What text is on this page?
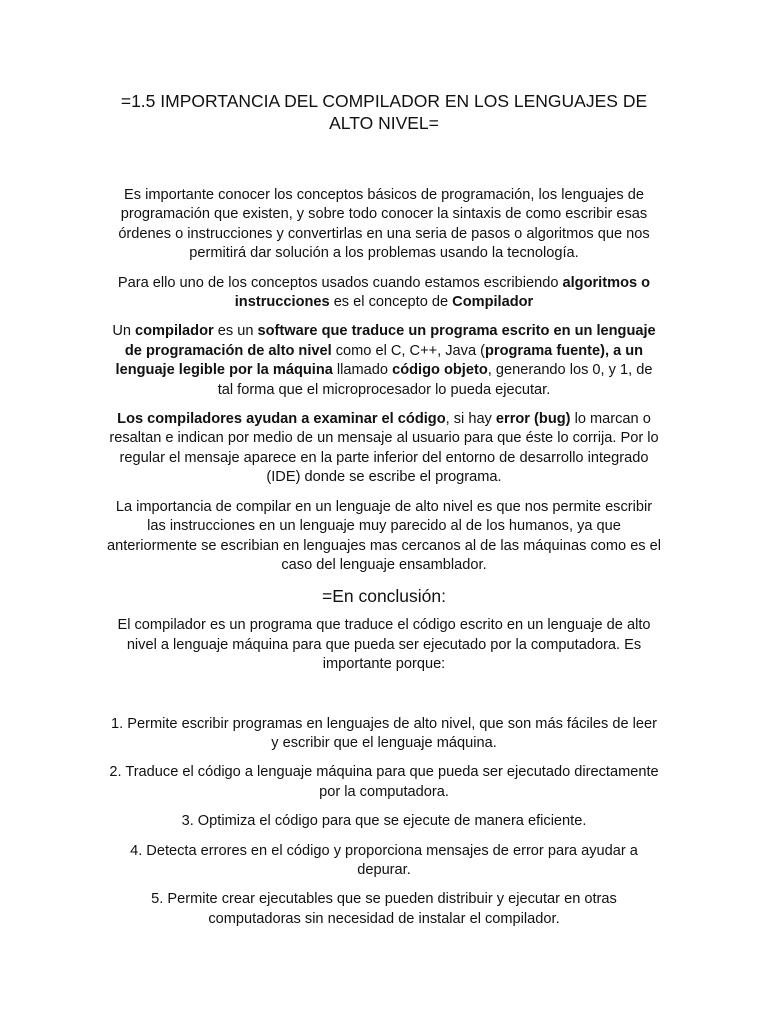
=1.5 IMPORTANCIA DEL COMPILADOR EN LOS LENGUAJES DE ALTO NIVEL=

Es importante conocer los conceptos básicos de programación, los lenguajes de programación que existen, y sobre todo conocer la sintaxis de como escribir esas órdenes o instrucciones y convertirlas en una seria de pasos o algoritmos que nos permitirá dar solución a los problemas usando la tecnología.

Para ello uno de los conceptos usados cuando estamos escribiendo algoritmos o instrucciones es el concepto de Compilador

Un compilador es un software que traduce un programa escrito en un lenguaje de programación de alto nivel como el C, C++, Java (programa fuente), a un lenguaje legible por la máquina llamado código objeto, generando los 0, y 1, de tal forma que el microprocesador lo pueda ejecutar.

Los compiladores ayudan a examinar el código, si hay error (bug) lo marcan o resaltan e indican por medio de un mensaje al usuario para que éste lo corrija. Por lo regular el mensaje aparece en la parte inferior del entorno de desarrollo integrado (IDE) donde se escribe el programa.

La importancia de compilar en un lenguaje de alto nivel es que nos permite escribir las instrucciones en un lenguaje muy parecido al de los humanos, ya que anteriormente se escribian en lenguajes mas cercanos al de las máquinas como es el caso del lenguaje ensamblador.

=En conclusión:

El compilador es un programa que traduce el código escrito en un lenguaje de alto nivel a lenguaje máquina para que pueda ser ejecutado por la computadora. Es importante porque:

1. Permite escribir programas en lenguajes de alto nivel, que son más fáciles de leer y escribir que el lenguaje máquina.
2. Traduce el código a lenguaje máquina para que pueda ser ejecutado directamente por la computadora.
3. Optimiza el código para que se ejecute de manera eficiente.
4. Detecta errores en el código y proporciona mensajes de error para ayudar a depurar.
5. Permite crear ejecutables que se pueden distribuir y ejecutar en otras computadoras sin necesidad de instalar el compilador.
